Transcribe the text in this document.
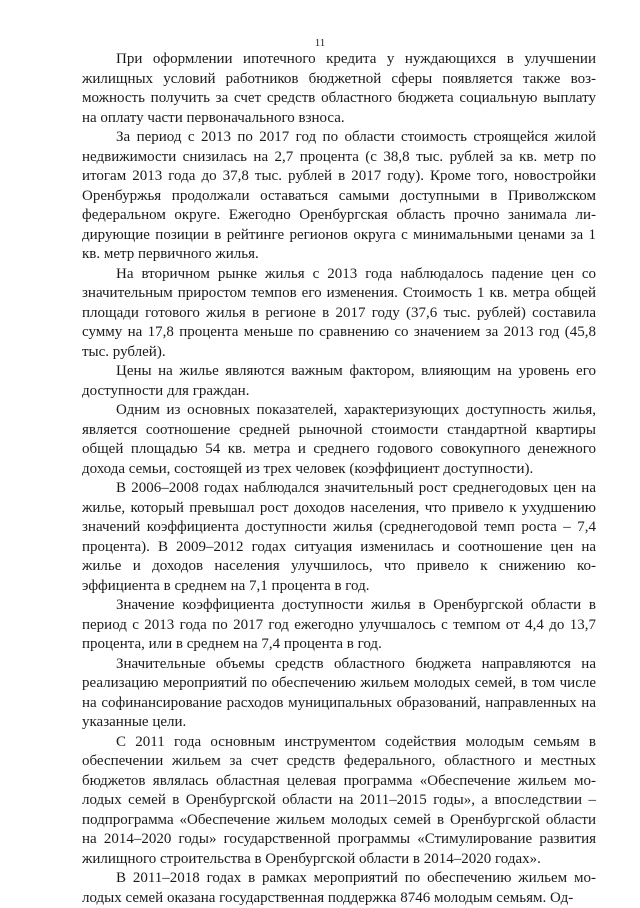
11

При оформлении ипотечного кредита у нуждающихся в улучшении жилищных условий работников бюджетной сферы появляется также возможность получить за счет средств областного бюджета социальную выплату на оплату части первоначального взноса.

За период с 2013 по 2017 год по области стоимость строящейся жилой недвижимости снизилась на 2,7 процента (с 38,8 тыс. рублей за кв. метр по итогам 2013 года до 37,8 тыс. рублей в 2017 году). Кроме того, новостройки Оренбуржья продолжали оставаться самыми доступными в Приволжском федеральном округе. Ежегодно Оренбургская область прочно занимала лидирующие позиции в рейтинге регионов округа с минимальными ценами за 1 кв. метр первичного жилья.

На вторичном рынке жилья с 2013 года наблюдалось падение цен со значительным приростом темпов его изменения. Стоимость 1 кв. метра общей площади готового жилья в регионе в 2017 году (37,6 тыс. рублей) составила сумму на 17,8 процента меньше по сравнению со значением за 2013 год (45,8 тыс. рублей).

Цены на жилье являются важным фактором, влияющим на уровень его доступности для граждан.

Одним из основных показателей, характеризующих доступность жилья, является соотношение средней рыночной стоимости стандартной квартиры общей площадью 54 кв. метра и среднего годового совокупного денежного дохода семьи, состоящей из трех человек (коэффициент доступности).

В 2006–2008 годах наблюдался значительный рост среднегодовых цен на жилье, который превышал рост доходов населения, что привело к ухудшению значений коэффициента доступности жилья (среднегодовой темп роста – 7,4 процента). В 2009–2012 годах ситуация изменилась и соотношение цен на жилье и доходов населения улучшилось, что привело к снижению коэффициента в среднем на 7,1 процента в год.

Значение коэффициента доступности жилья в Оренбургской области в период с 2013 года по 2017 год ежегодно улучшалось с темпом от 4,4 до 13,7 процента, или в среднем на 7,4 процента в год.

Значительные объемы средств областного бюджета направляются на реализацию мероприятий по обеспечению жильем молодых семей, в том числе на софинансирование расходов муниципальных образований, направленных на указанные цели.

С 2011 года основным инструментом содействия молодым семьям в обеспечении жильем за счет средств федерального, областного и местных бюджетов являлась областная целевая программа «Обеспечение жильем молодых семей в Оренбургской области на 2011–2015 годы», а впоследствии – подпрограмма «Обеспечение жильем молодых семей в Оренбургской области на 2014–2020 годы» государственной программы «Стимулирование развития жилищного строительства в Оренбургской области в 2014–2020 годах».

В 2011–2018 годах в рамках мероприятий по обеспечению жильем молодых семей оказана государственная поддержка 8746 молодым семьям. Од-
